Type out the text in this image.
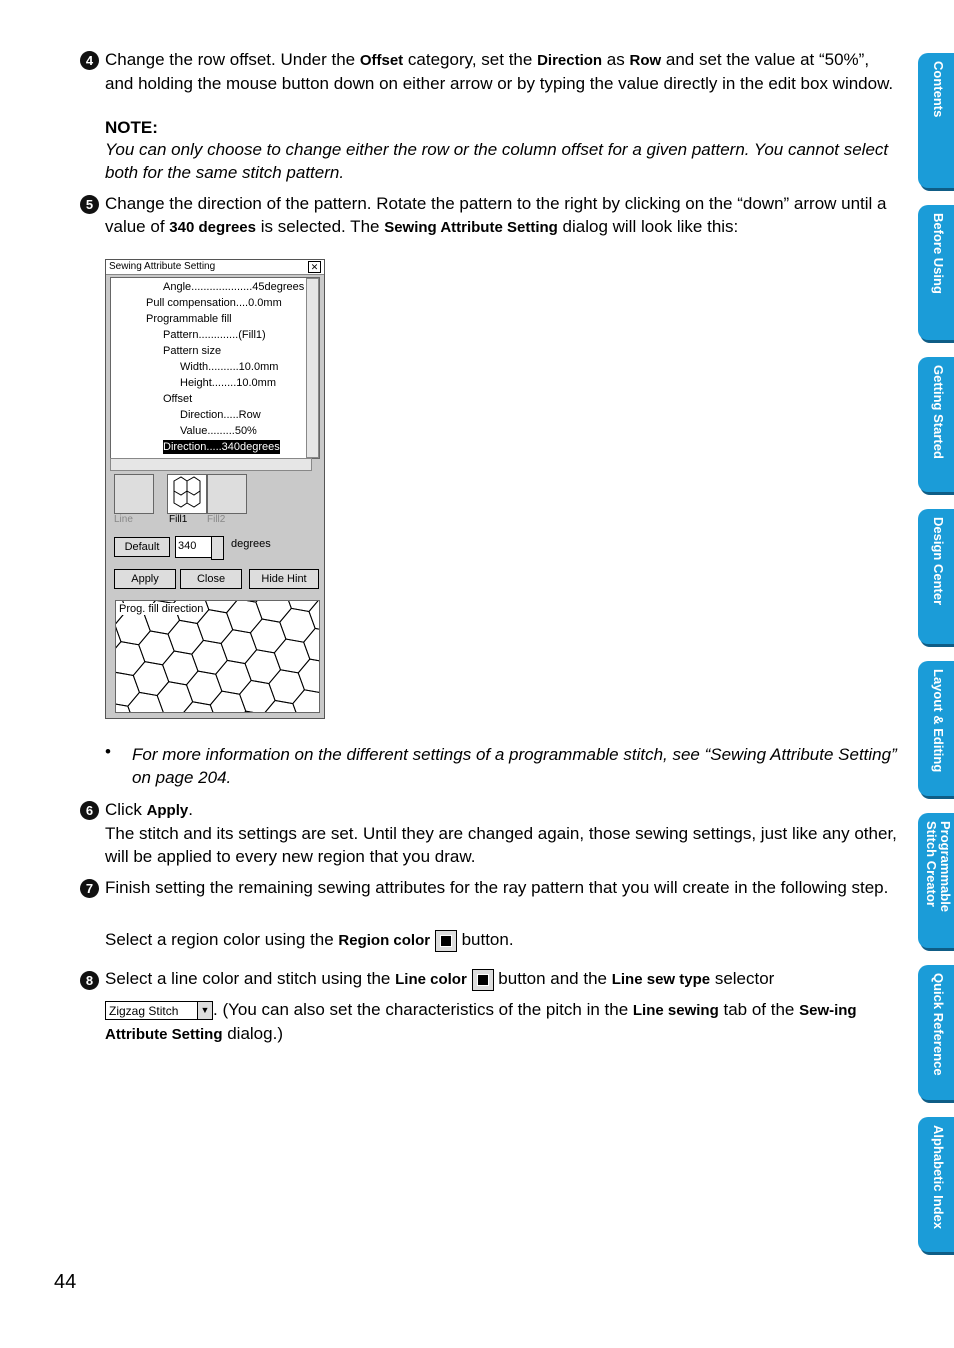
4 Change the row offset. Under the Offset category, set the Direction as Row and set the value at “50%”, and holding the mouse button down on either arrow or by typing the value directly in the edit box window.
NOTE:
You can only choose to change either the row or the column offset for a given pattern. You cannot select both for the same stitch pattern.
5 Change the direction of the pattern. Rotate the pattern to the right by clicking on the “down” arrow until a value of 340 degrees is selected. The Sewing Attribute Setting dialog will look like this:
Sewing Attribute Setting	✕
Angle....................45degrees
Pull compensation....0.0mm
Programmable fill
Pattern.............(Fill1)
Pattern size
Width..........10.0mm
Height........10.0mm
Offset
Direction.....Row
Value.........50%
Direction.....340degrees
Line	Fill1 Fill2
Default	340	degrees
Apply	Close	Hide Hint
Prog. fill direction
• For more information on the different settings of a programmable stitch, see “Sewing Attribute Setting” on page 204.
6 Click Apply.
The stitch and its settings are set. Until they are changed again, those sewing settings, just like any other, will be applied to every new region that you draw.
7 Finish setting the remaining sewing attributes for the ray pattern that you will create in the following step.
Select a region color using the Region color  button.
8 Select a line color and stitch using the Line color  button and the Line sew type selector
Zigzag Stitch	▼ . (You can also set the characteristics of the pitch in the Line sewing tab of the Sew-ing Attribute Setting dialog.)
Contents
Before Using
Getting Started
Design Center
Layout & Editing
Programmable Stitch Creator
Quick Reference
Alphabetic Index
44
